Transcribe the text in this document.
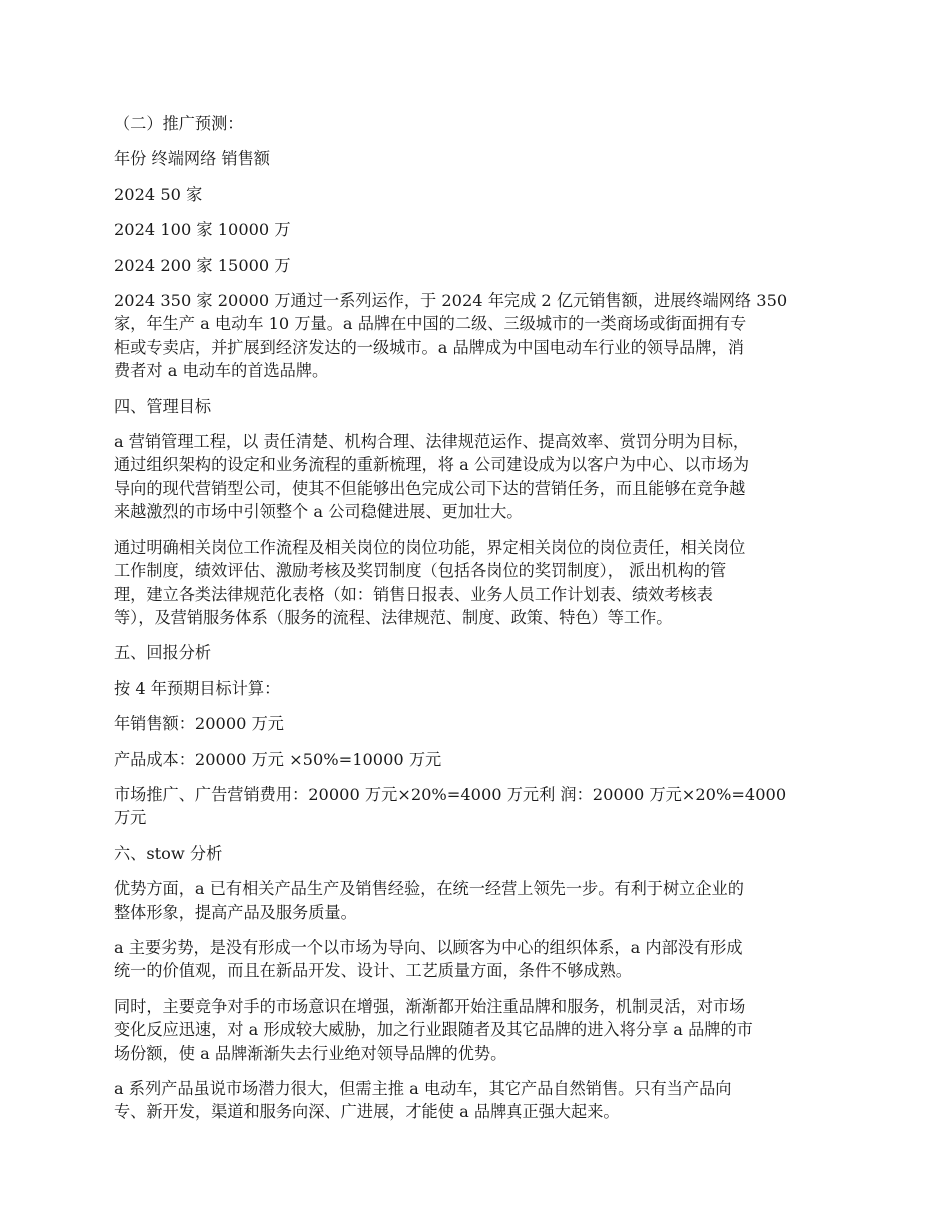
（二）推广预测：

年份 终端网络 销售额

2024 50 家

2024 100 家 10000 万

2024 200 家 15000 万

2024 350 家 20000 万通过一系列运作，于 2024 年完成 2 亿元销售额，进展终端网络 350
家，年生产 a 电动车 10 万量。a 品牌在中国的二级、三级城市的一类商场或街面拥有专
柜或专卖店，并扩展到经济发达的一级城市。a 品牌成为中国电动车行业的领导品牌，消
费者对 a 电动车的首选品牌。

四、管理目标

a 营销管理工程，以 责任清楚、机构合理、法律规范运作、提高效率、赏罚分明为目标，
通过组织架构的设定和业务流程的重新梳理，将 a 公司建设成为以客户为中心、以市场为
导向的现代营销型公司，使其不但能够出色完成公司下达的营销任务，而且能够在竞争越
来越激烈的市场中引领整个 a 公司稳健进展、更加壮大。

通过明确相关岗位工作流程及相关岗位的岗位功能，界定相关岗位的岗位责任，相关岗位
工作制度，绩效评估、激励考核及奖罚制度（包括各岗位的奖罚制度）， 派出机构的管
理，建立各类法律规范化表格（如：销售日报表、业务人员工作计划表、绩效考核表
等），及营销服务体系（服务的流程、法律规范、制度、政策、特色）等工作。

五、回报分析

按 4 年预期目标计算：

年销售额：20000 万元

产品成本：20000 万元 ×50%=10000 万元

市场推广、广告营销费用：20000 万元×20%=4000 万元利 润：20000 万元×20%=4000
万元

六、stow 分析

优势方面，a 已有相关产品生产及销售经验，在统一经营上领先一步。有利于树立企业的
整体形象，提高产品及服务质量。

a 主要劣势，是没有形成一个以市场为导向、以顾客为中心的组织体系，a 内部没有形成
统一的价值观，而且在新品开发、设计、工艺质量方面，条件不够成熟。

同时，主要竞争对手的市场意识在增强，渐渐都开始注重品牌和服务，机制灵活，对市场
变化反应迅速，对 a 形成较大威胁，加之行业跟随者及其它品牌的进入将分享 a 品牌的市
场份额，使 a 品牌渐渐失去行业绝对领导品牌的优势。

a 系列产品虽说市场潜力很大，但需主推 a 电动车，其它产品自然销售。只有当产品向
专、新开发，渠道和服务向深、广进展，才能使 a 品牌真正强大起来。
